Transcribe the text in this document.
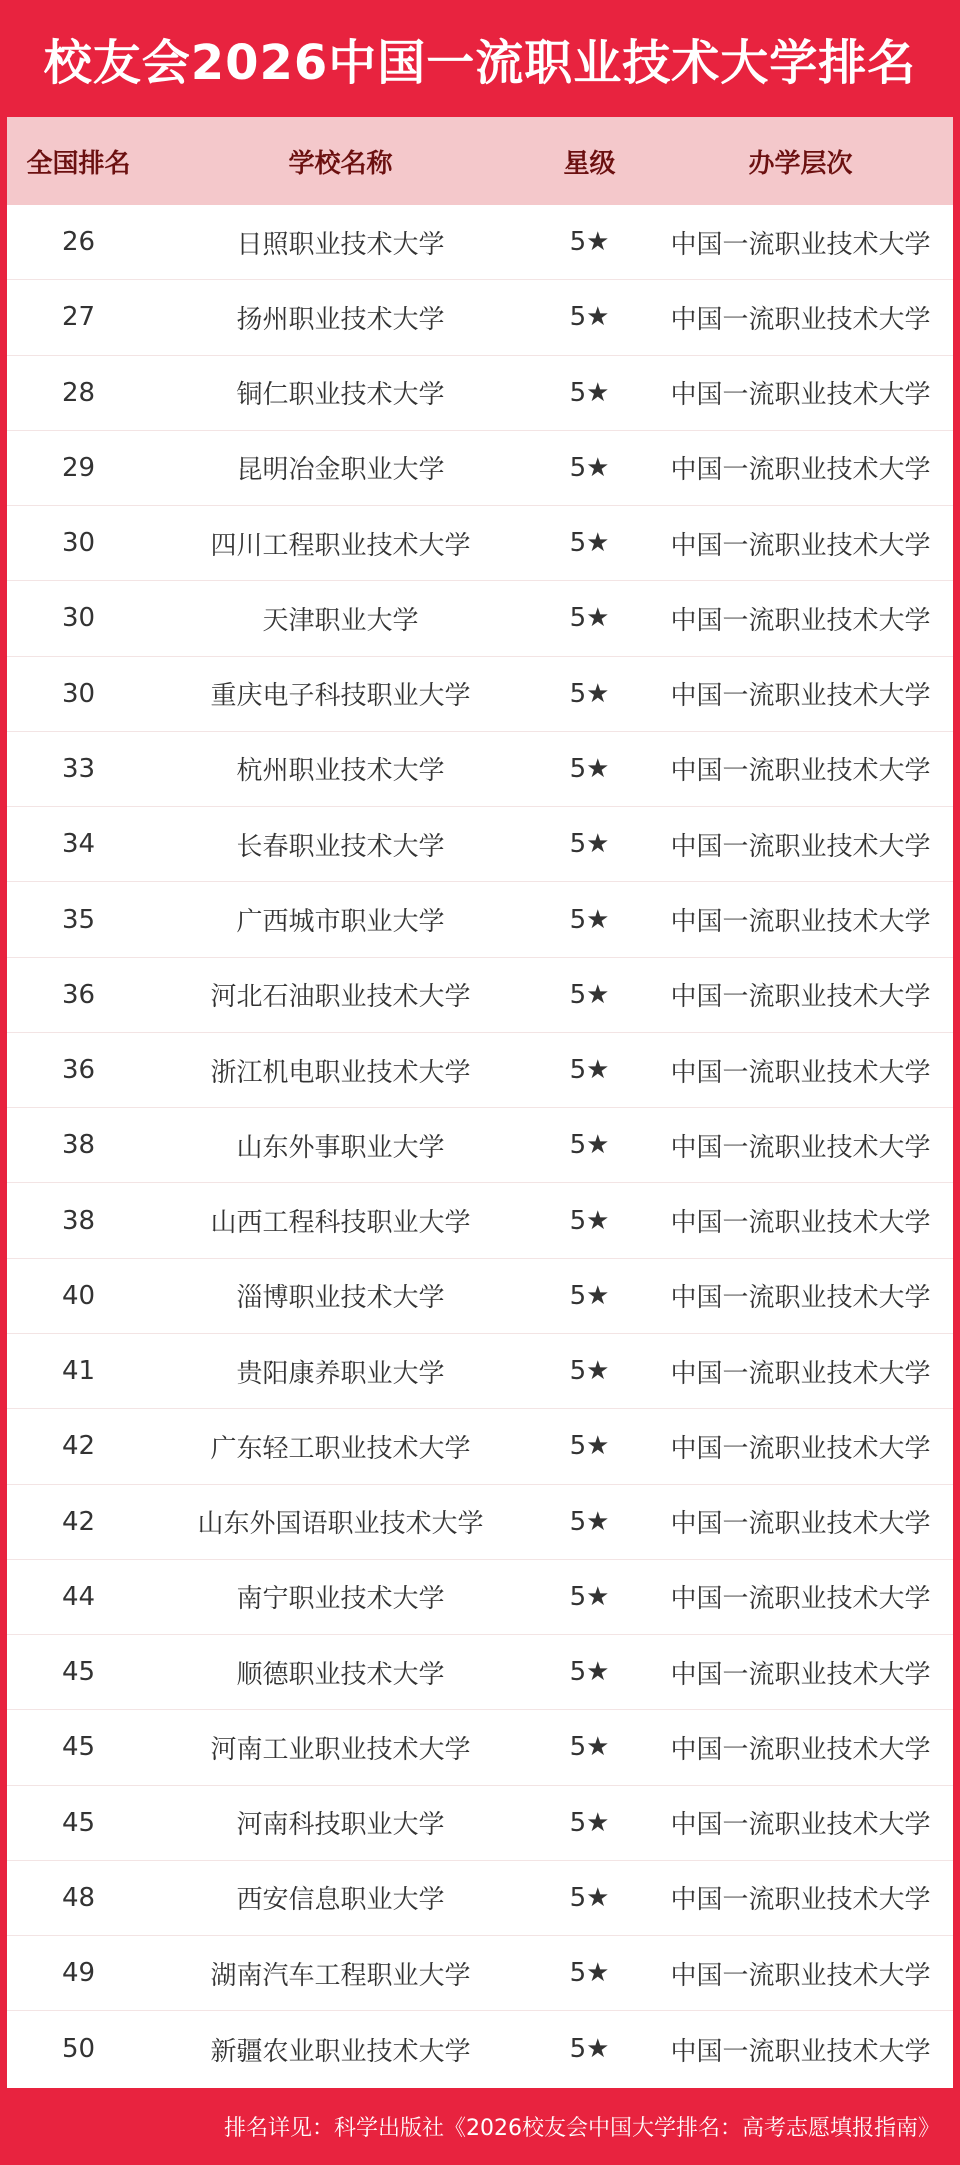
校友会2026中国一流职业技术大学排名
全国排名	学校名称	星级	办学层次
26	日照职业技术大学	5★	中国一流职业技术大学
27	扬州职业技术大学	5★	中国一流职业技术大学
28	铜仁职业技术大学	5★	中国一流职业技术大学
29	昆明冶金职业大学	5★	中国一流职业技术大学
30	四川工程职业技术大学	5★	中国一流职业技术大学
30	天津职业大学	5★	中国一流职业技术大学
30	重庆电子科技职业大学	5★	中国一流职业技术大学
33	杭州职业技术大学	5★	中国一流职业技术大学
34	长春职业技术大学	5★	中国一流职业技术大学
35	广西城市职业大学	5★	中国一流职业技术大学
36	河北石油职业技术大学	5★	中国一流职业技术大学
36	浙江机电职业技术大学	5★	中国一流职业技术大学
38	山东外事职业大学	5★	中国一流职业技术大学
38	山西工程科技职业大学	5★	中国一流职业技术大学
40	淄博职业技术大学	5★	中国一流职业技术大学
41	贵阳康养职业大学	5★	中国一流职业技术大学
42	广东轻工职业技术大学	5★	中国一流职业技术大学
42	山东外国语职业技术大学	5★	中国一流职业技术大学
44	南宁职业技术大学	5★	中国一流职业技术大学
45	顺德职业技术大学	5★	中国一流职业技术大学
45	河南工业职业技术大学	5★	中国一流职业技术大学
45	河南科技职业大学	5★	中国一流职业技术大学
48	西安信息职业大学	5★	中国一流职业技术大学
49	湖南汽车工程职业大学	5★	中国一流职业技术大学
50	新疆农业职业技术大学	5★	中国一流职业技术大学
排名详见：科学出版社《2026校友会中国大学排名：高考志愿填报指南》
